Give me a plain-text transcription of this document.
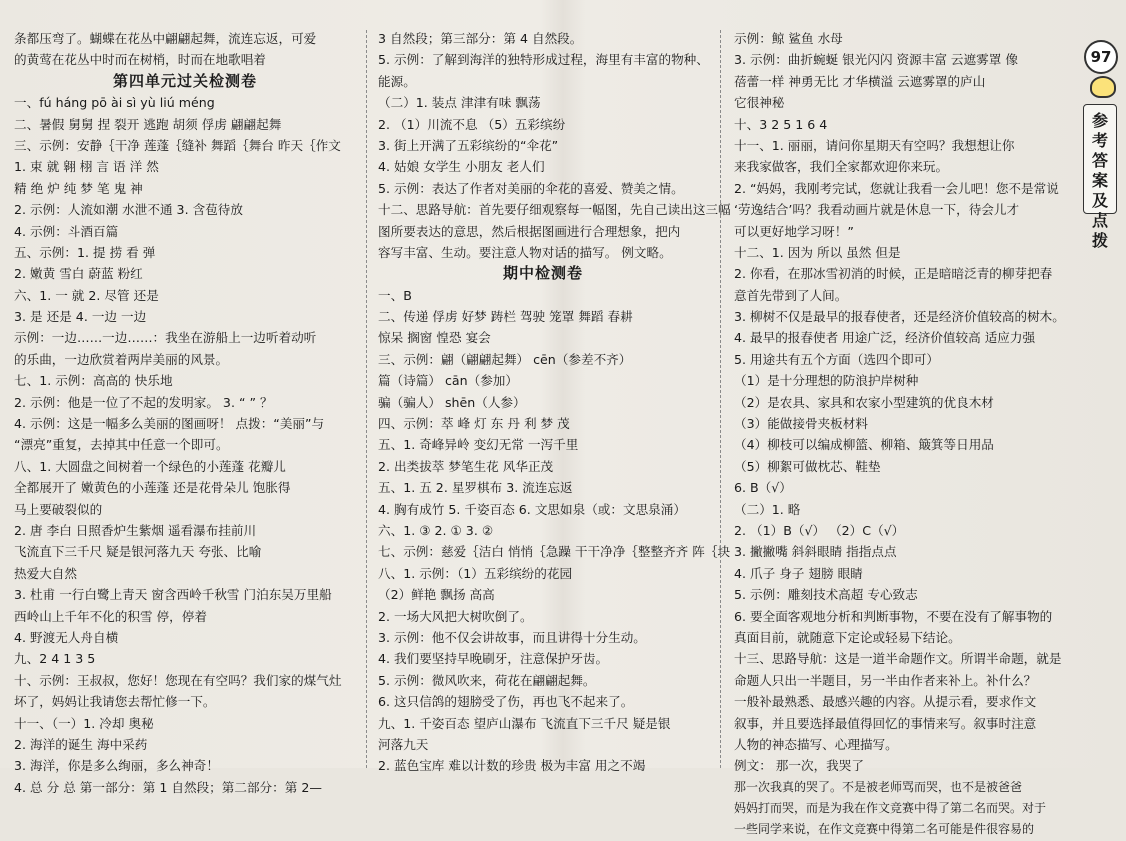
条都压弯了。蝴蝶在花丛中翩翩起舞，流连忘返，可爱
的黄莺在花丛中时而在树梢，时而在地歌唱着
第四单元过关检测卷
一、fú háng pō ài sì yù liú méng
二、暑假 舅舅 捏 裂开 逃跑 胡须 俘虏 翩翩起舞
三、示例：安静｛干净 莲蓬｛缝补 舞蹈｛舞台 昨天｛作文
1. 束 就 翱 栩 言 语 洋 然
精 绝 炉 纯 梦 笔 鬼 神
2. 示例：人流如潮 水泄不通 3. 含苞待放
4. 示例：斗酒百篇
五、示例：1. 提 捞 看 弹
2. 嫩黄 雪白 蔚蓝 粉红
六、1. 一 就 2. 尽管 还是
3. 是 还是 4. 一边 一边
示例：一边……一边……：我坐在游船上一边听着动听
的乐曲，一边欣赏着两岸美丽的风景。
七、1. 示例：高高的 快乐地
2. 示例：他是一位了不起的发明家。 3. “ ” ？
4. 示例：这是一幅多么美丽的图画呀！ 点拨：“美丽”与
“漂亮”重复，去掉其中任意一个即可。
八、1. 大圆盘之间树着一个绿色的小莲蓬 花瓣儿
全都展开了 嫩黄色的小莲蓬 还是花骨朵儿 饱胀得
马上要破裂似的
2. 唐 李白 日照香炉生紫烟 遥看瀑布挂前川
飞流直下三千尺 疑是银河落九天 夸张、比喻
热爱大自然
3. 杜甫 一行白鹭上青天 窗含西岭千秋雪 门泊东吴万里船
西岭山上千年不化的积雪 停，停着
4. 野渡无人舟自横
九、2 4 1 3 5
十、示例：王叔叔，您好！您现在有空吗？我们家的煤气灶
坏了，妈妈让我请您去帮忙修一下。
十一、（一）1. 冷却 奥秘
2. 海洋的诞生 海中采药
3. 海洋，你是多么绚丽，多么神奇！
4. 总 分 总 第一部分：第 1 自然段；第二部分：第 2—
3 自然段；第三部分：第 4 自然段。
5. 示例：了解到海洋的独特形成过程，海里有丰富的物种、
能源。
（二）1. 装点 津津有味 飘荡
2. （1）川流不息 （5）五彩缤纷
3. 街上开满了五彩缤纷的“伞花”
4. 姑娘 女学生 小朋友 老人们
5. 示例：表达了作者对美丽的伞花的喜爱、赞美之情。
十二、思路导航：首先要仔细观察每一幅图，先自己读出这三幅
图所要表达的意思，然后根据图画进行合理想象，把内
容写丰富、生动。要注意人物对话的描写。 例文略。
期中检测卷
一、B
二、传递 俘虏 好梦 踌栏 驾驶 笼罩 舞蹈 春耕
惊呆 搁窗 惶恐 宴会
三、示例：翩（翩翩起舞） cēn（参差不齐）
篇（诗篇） cān（参加）
骗（骗人） shēn（人参）
四、示例：萃 峰 灯 东 丹 利 梦 茂
五、1. 奇峰异岭 变幻无常 一泻千里
2. 出类拔萃 梦笔生花 风华正茂
五、1. 五 2. 星罗棋布 3. 流连忘返
4. 胸有成竹 5. 千姿百态 6. 文思如泉（或：文思泉涌）
六、1. ③ 2. ① 3. ②
七、示例：慈爱｛洁白 悄悄｛急躁 干干净净｛整整齐齐 阵｛块
八、1. 示例：（1）五彩缤纷的花园
（2）鲜艳 飘扬 高高
2. 一场大风把大树吹倒了。
3. 示例：他不仅会讲故事，而且讲得十分生动。
4. 我们要坚持早晚刷牙，注意保护牙齿。
5. 示例：微风吹来，荷花在翩翩起舞。
6. 这只信鸽的翅膀受了伤，再也飞不起来了。
九、1. 千姿百态 望庐山瀑布 飞流直下三千尺 疑是银
河落九天
2. 蓝色宝库 难以计数的珍贵 极为丰富 用之不竭
示例：鲸 鲨鱼 水母
3. 示例：曲折蜿蜒 银光闪闪 资源丰富 云遮雾罩 像
蓓蕾一样 神勇无比 才华横溢 云遮雾罩的庐山
它很神秘
十、3 2 5 1 6 4
十一、1. 丽丽，请问你星期天有空吗？我想想让你
来我家做客，我们全家都欢迎你来玩。
2. “妈妈，我刚考完试，您就让我看一会儿吧！您不是常说
‘劳逸结合’吗？我看动画片就是休息一下，待会儿才
可以更好地学习呀！”
十二、1. 因为 所以 虽然 但是
2. 你看，在那冰雪初消的时候，正是暗暗泛青的柳芽把春
意首先带到了人间。
3. 柳树不仅是最早的报春使者，还是经济价值较高的树木。
4. 最早的报春使者 用途广泛，经济价值较高 适应力强
5. 用途共有五个方面（选四个即可）
（1）是十分理想的防浪护岸树种
（2）是农具、家具和农家小型建筑的优良木材
（3）能做接骨夹板材料
（4）柳枝可以编成柳篮、柳箱、簸箕等日用品
（5）柳絮可做枕芯、鞋垫
6. B（√）
（二）1. 略
2. （1）B（√） （2）C（√）
3. 撇撇嘴 斜斜眼睛 指指点点
4. 爪子 身子 翅膀 眼睛
5. 示例：雕刻技术高超 专心致志
6. 要全面客观地分析和判断事物，不要在没有了解事物的
真面目前，就随意下定论或轻易下结论。
十三、思路导航：这是一道半命题作文。所谓半命题，就是
命题人只出一半题目，另一半由作者来补上。补什么？
一般补最熟悉、最感兴趣的内容。从提示看，要求作文
叙事，并且要选择最值得回忆的事情来写。叙事时注意
人物的神态描写、心理描写。
例文： 那一次，我哭了
那一次我真的哭了。不是被老师骂而哭，也不是被爸爸
妈妈打而哭，而是为我在作文竞赛中得了第二名而哭。对于
一些同学来说，在作文竞赛中得第二名可能是件很容易的
97
参
考
答
案
及
点
拨
